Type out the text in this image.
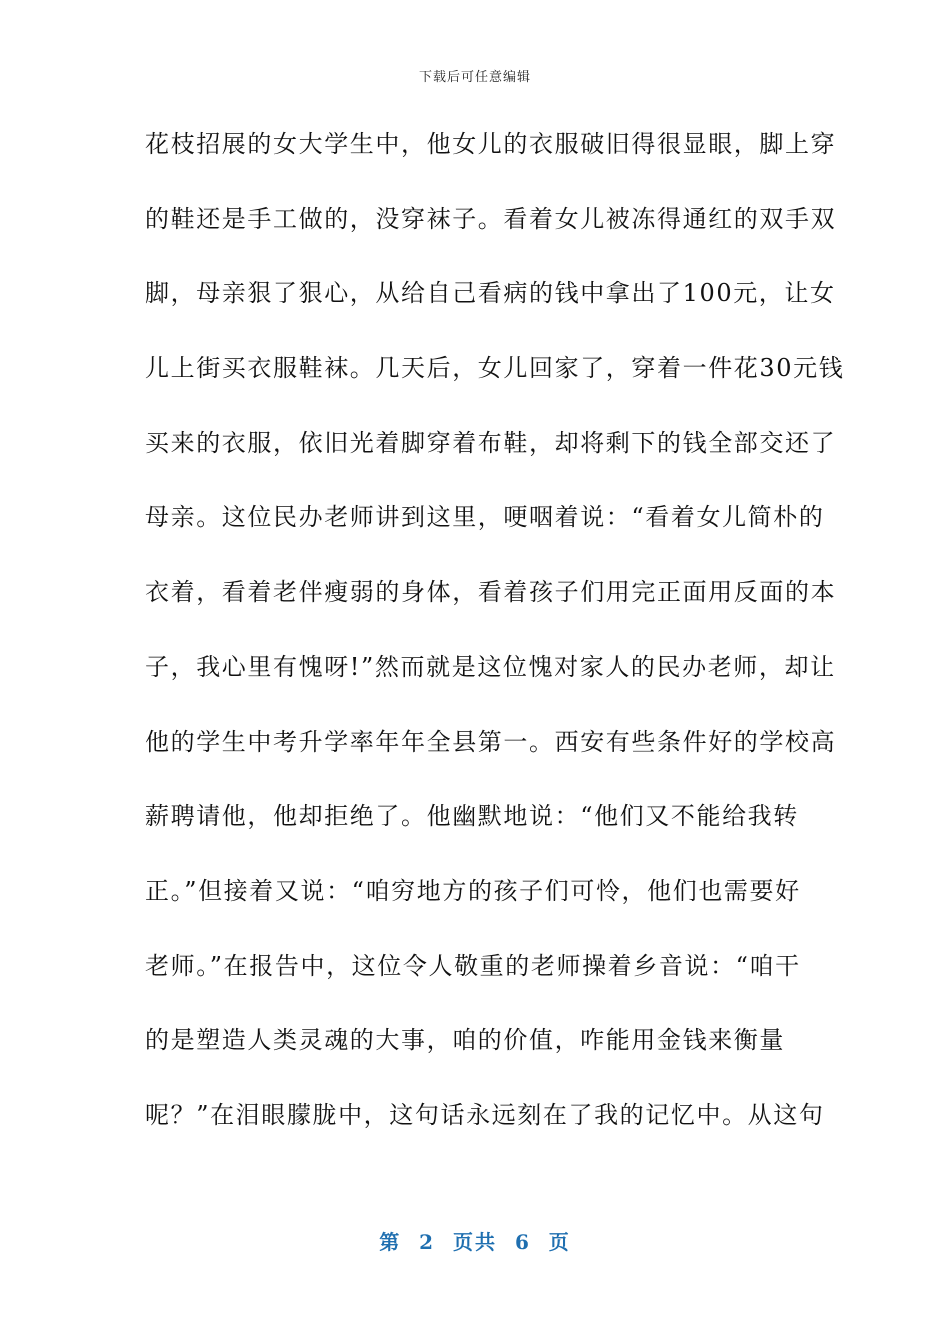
下载后可任意编辑
花枝招展的女大学生中，他女儿的衣服破旧得很显眼，脚上穿
的鞋还是手工做的，没穿袜子。看着女儿被冻得通红的双手双
脚，母亲狠了狠心，从给自己看病的钱中拿出了100元，让女
儿上街买衣服鞋袜。几天后，女儿回家了，穿着一件花30元钱
买来的衣服，依旧光着脚穿着布鞋，却将剩下的钱全部交还了
母亲。这位民办老师讲到这里，哽咽着说：“看着女儿简朴的
衣着，看着老伴瘦弱的身体，看着孩子们用完正面用反面的本
子，我心里有愧呀!”然而就是这位愧对家人的民办老师，却让
他的学生中考升学率年年全县第一。西安有些条件好的学校高
薪聘请他，他却拒绝了。他幽默地说：“他们又不能给我转
正。”但接着又说：“咱穷地方的孩子们可怜，他们也需要好
老师。”在报告中，这位令人敬重的老师操着乡音说：“咱干
的是塑造人类灵魂的大事，咱的价值，咋能用金钱来衡量
呢？”在泪眼朦胧中，这句话永远刻在了我的记忆中。从这句
第 2 页共 6 页
